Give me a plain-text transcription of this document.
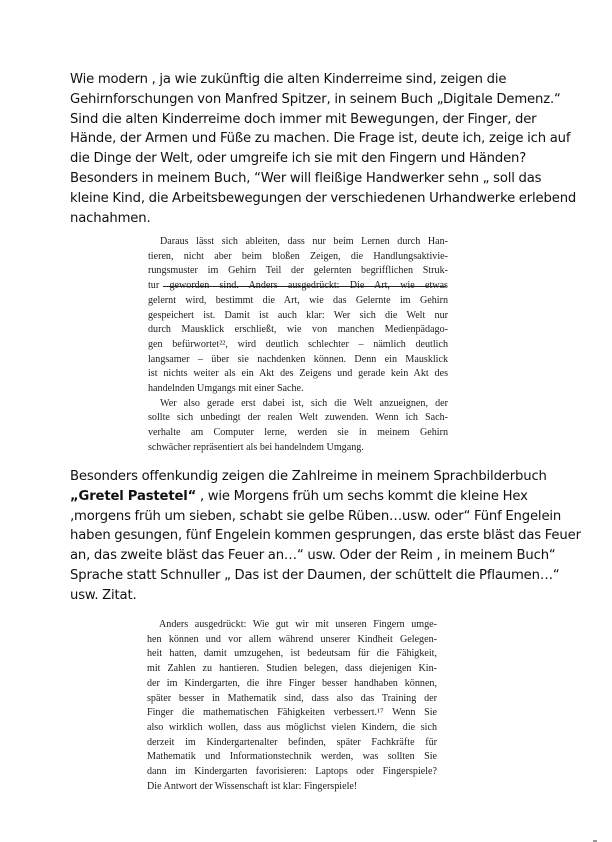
Wie modern , ja wie zukünftig die alten Kinderreime sind, zeigen die
Gehirnforschungen von Manfred Spitzer, in seinem Buch „Digitale Demenz.“
Sind die alten Kinderreime doch immer mit Bewegungen, der Finger, der
Hände, der Armen und Füße zu machen. Die Frage ist, deute ich, zeige ich auf
die Dinge der Welt, oder umgreife ich sie mit den Fingern und Händen?
Besonders in meinem Buch, “Wer will fleißige Handwerker sehn „ soll das
kleine Kind, die Arbeitsbewegungen der verschiedenen Urhandwerke erlebend
nachahmen.
Daraus lässt sich ableiten, dass nur beim Lernen durch Han-
tieren, nicht aber beim bloßen Zeigen, die Handlungsaktivie-
rungsmuster im Gehirn Teil der gelernten begrifflichen Struk-
tur geworden sind. Anders ausgedrückt: Die Art, wie etwas
gelernt wird, bestimmt die Art, wie das Gelernte im Gehirn
gespeichert ist. Damit ist auch klar: Wer sich die Welt nur
durch Mausklick erschließt, wie von manchen Medienpädago-
gen befürwortet²², wird deutlich schlechter – nämlich deutlich
langsamer – über sie nachdenken können. Denn ein Mausklick
ist nichts weiter als ein Akt des Zeigens und gerade kein Akt des
handelnden Umgangs mit einer Sache.
Wer also gerade erst dabei ist, sich die Welt anzueignen, der
sollte sich unbedingt der realen Welt zuwenden. Wenn ich Sach-
verhalte am Computer lerne, werden sie in meinem Gehirn
schwächer repräsentiert als bei handelndem Umgang.
Besonders offenkundig zeigen die Zahlreime in meinem Sprachbilderbuch
„Gretel Pastetel“ , wie Morgens früh um sechs kommt die kleine Hex
‚morgens früh um sieben, schabt sie gelbe Rüben…usw. oder“ Fünf Engelein
haben gesungen, fünf Engelein kommen gesprungen, das erste bläst das Feuer
an, das zweite bläst das Feuer an…“ usw. Oder der Reim , in meinem Buch“
Sprache statt Schnuller „ Das ist der Daumen, der schüttelt die Pflaumen…“
usw. Zitat.
Anders ausgedrückt: Wie gut wir mit unseren Fingern umge-
hen können und vor allem während unserer Kindheit Gelegen-
heit hatten, damit umzugehen, ist bedeutsam für die Fähigkeit,
mit Zahlen zu hantieren. Studien belegen, dass diejenigen Kin-
der im Kindergarten, die ihre Finger besser handhaben können,
später besser in Mathematik sind, dass also das Training der
Finger die mathematischen Fähigkeiten verbessert.¹⁷ Wenn Sie
also wirklich wollen, dass aus möglichst vielen Kindern, die sich
derzeit im Kindergartenalter befinden, später Fachkräfte für
Mathematik und Informationstechnik werden, was sollten Sie
dann im Kindergarten favorisieren: Laptops oder Fingerspiele?
Die Antwort der Wissenschaft ist klar: Fingerspiele!
